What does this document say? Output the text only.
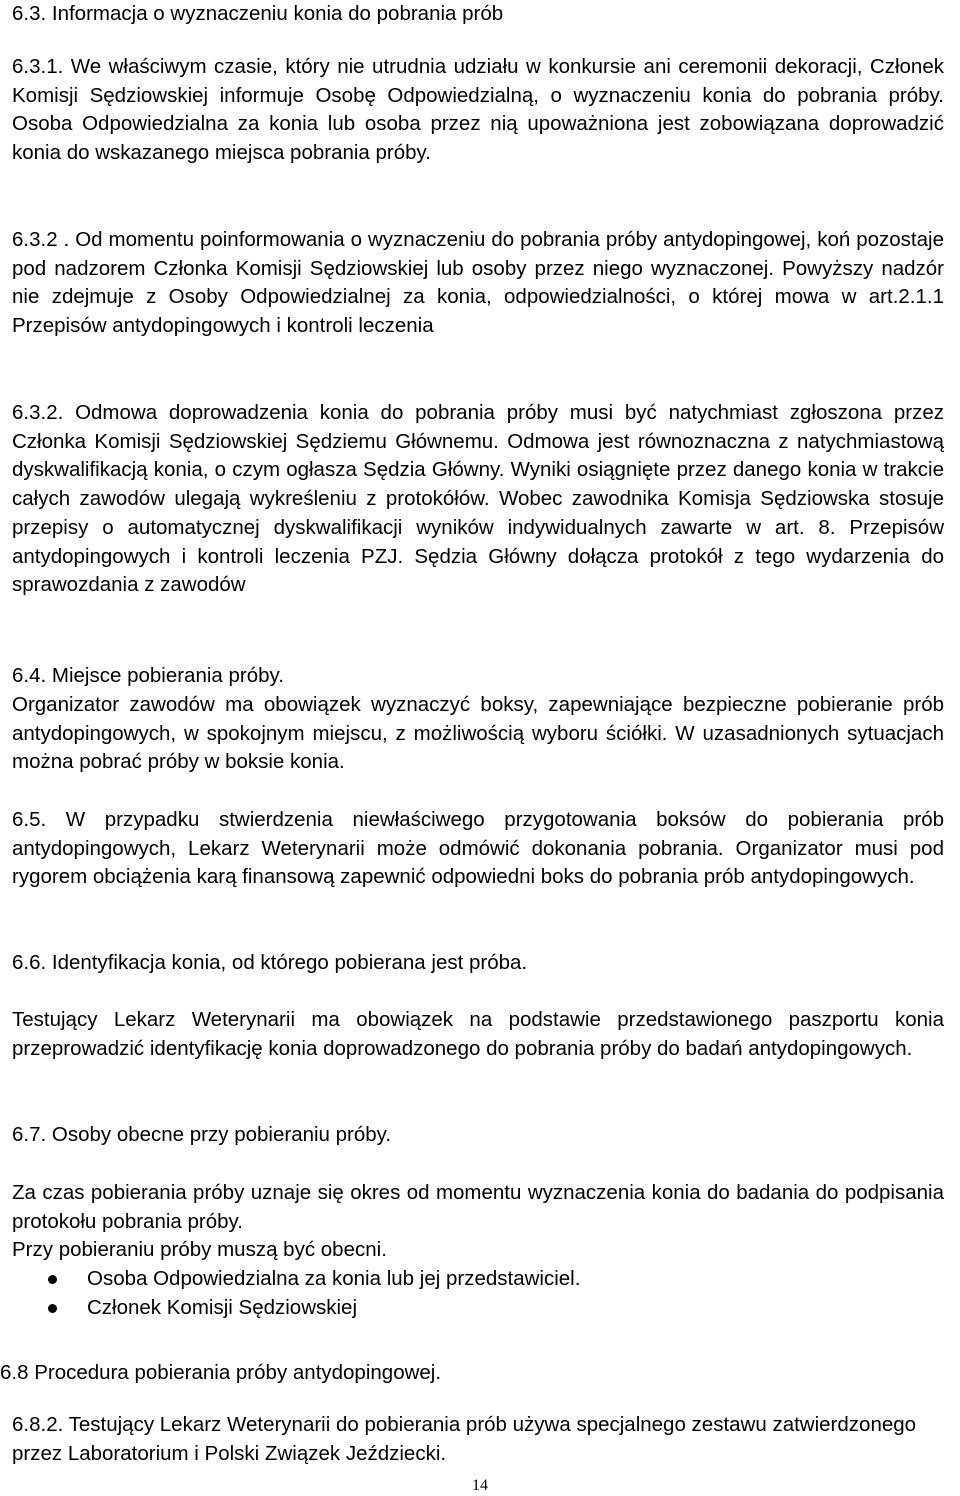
6.3. Informacja o wyznaczeniu konia do pobrania prób

6.3.1. We właściwym czasie, który nie utrudnia udziału w konkursie ani ceremonii dekoracji, Członek Komisji Sędziowskiej informuje Osobę Odpowiedzialną, o wyznaczeniu konia do pobrania próby. Osoba Odpowiedzialna za konia lub osoba przez nią upoważniona jest zobowiązana doprowadzić konia do wskazanego miejsca pobrania próby.

6.3.2 . Od momentu poinformowania o wyznaczeniu do pobrania próby antydopingowej, koń pozostaje pod nadzorem Członka Komisji Sędziowskiej lub osoby przez niego wyznaczonej. Powyższy nadzór nie zdejmuje z Osoby Odpowiedzialnej za konia, odpowiedzialności, o której mowa w art.2.1.1 Przepisów antydopingowych i kontroli leczenia

6.3.2. Odmowa doprowadzenia konia do pobrania próby musi być natychmiast zgłoszona przez Członka Komisji Sędziowskiej Sędziemu Głównemu. Odmowa jest równoznaczna z natychmiastową dyskwalifikacją konia, o czym ogłasza Sędzia Główny. Wyniki osiągnięte przez danego konia w trakcie całych zawodów ulegają wykreśleniu z protokółów. Wobec zawodnika Komisja Sędziowska stosuje przepisy o automatycznej dyskwalifikacji wyników indywidualnych zawarte w art. 8. Przepisów antydopingowych i kontroli leczenia PZJ. Sędzia Główny dołącza protokół z tego wydarzenia do sprawozdania z zawodów

6.4. Miejsce pobierania próby.

Organizator zawodów ma obowiązek wyznaczyć boksy, zapewniające bezpieczne pobieranie prób antydopingowych, w spokojnym miejscu, z możliwością wyboru ściółki. W uzasadnionych sytuacjach można pobrać próby w boksie konia.

6.5. W przypadku stwierdzenia niewłaściwego przygotowania boksów do pobierania prób antydopingowych, Lekarz Weterynarii może odmówić dokonania pobrania. Organizator musi pod rygorem obciążenia karą finansową zapewnić odpowiedni boks do pobrania prób antydopingowych.

6.6. Identyfikacja konia, od którego pobierana jest próba.

Testujący Lekarz Weterynarii ma obowiązek na podstawie przedstawionego paszportu konia przeprowadzić identyfikację konia doprowadzonego do pobrania próby do badań antydopingowych.

6.7. Osoby obecne przy pobieraniu próby.

Za czas pobierania próby uznaje się okres od momentu wyznaczenia konia do badania do podpisania protokołu pobrania próby.

Przy pobieraniu próby muszą być obecni.

Osoba Odpowiedzialna za konia lub jej przedstawiciel.
Członek Komisji Sędziowskiej

6.8 Procedura pobierania próby antydopingowej.

6.8.2. Testujący Lekarz Weterynarii do pobierania prób używa specjalnego zestawu zatwierdzonego przez Laboratorium i Polski Związek Jeździecki.

14
